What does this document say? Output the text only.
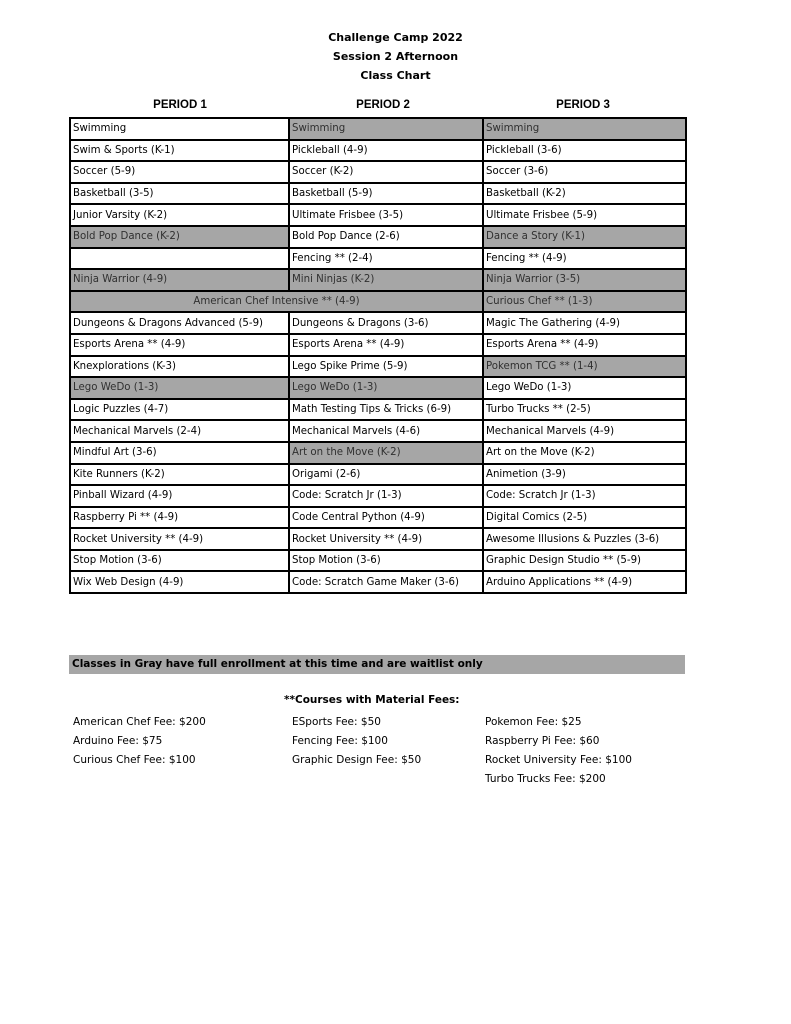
Challenge Camp 2022
Session 2 Afternoon
Class Chart
PERIOD 1	PERIOD 2	PERIOD 3
Swimming	Swimming	Swimming
Swim & Sports (K-1)	Pickleball (4-9)	Pickleball (3-6)
Soccer (5-9)	Soccer (K-2)	Soccer (3-6)
Basketball (3-5)	Basketball (5-9)	Basketball (K-2)
Junior Varsity (K-2)	Ultimate Frisbee (3-5)	Ultimate Frisbee (5-9)
Bold Pop Dance (K-2)	Bold Pop Dance (2-6)	Dance a Story (K-1)
	Fencing ** (2-4)	Fencing ** (4-9)
Ninja Warrior (4-9)	Mini Ninjas (K-2)	Ninja Warrior (3-5)
American Chef Intensive ** (4-9)		Curious Chef ** (1-3)
Dungeons & Dragons Advanced (5-9)	Dungeons & Dragons (3-6)	Magic The Gathering (4-9)
Esports Arena ** (4-9)	Esports Arena ** (4-9)	Esports Arena ** (4-9)
Knexplorations (K-3)	Lego Spike Prime (5-9)	Pokemon TCG ** (1-4)
Lego WeDo (1-3)	Lego WeDo (1-3)	Lego WeDo (1-3)
Logic Puzzles (4-7)	Math Testing Tips & Tricks (6-9)	Turbo Trucks ** (2-5)
Mechanical Marvels (2-4)	Mechanical Marvels (4-6)	Mechanical Marvels (4-9)
Mindful Art (3-6)	Art on the Move (K-2)	Art on the Move (K-2)
Kite Runners (K-2)	Origami (2-6)	Animetion (3-9)
Pinball Wizard (4-9)	Code: Scratch Jr (1-3)	Code: Scratch Jr (1-3)
Raspberry Pi ** (4-9)	Code Central Python (4-9)	Digital Comics (2-5)
Rocket University ** (4-9)	Rocket University ** (4-9)	Awesome Illusions & Puzzles (3-6)
Stop Motion (3-6)	Stop Motion (3-6)	Graphic Design Studio ** (5-9)
Wix Web Design (4-9)	Code: Scratch Game Maker (3-6)	Arduino Applications ** (4-9)
Classes in Gray have full enrollment at this time and are waitlist only
**Courses with Material Fees:
American Chef Fee: $200
Arduino Fee: $75
Curious Chef Fee: $100
ESports Fee: $50
Fencing Fee: $100
Graphic Design Fee: $50
Pokemon Fee: $25
Raspberry Pi Fee: $60
Rocket University Fee: $100
Turbo Trucks Fee: $200
